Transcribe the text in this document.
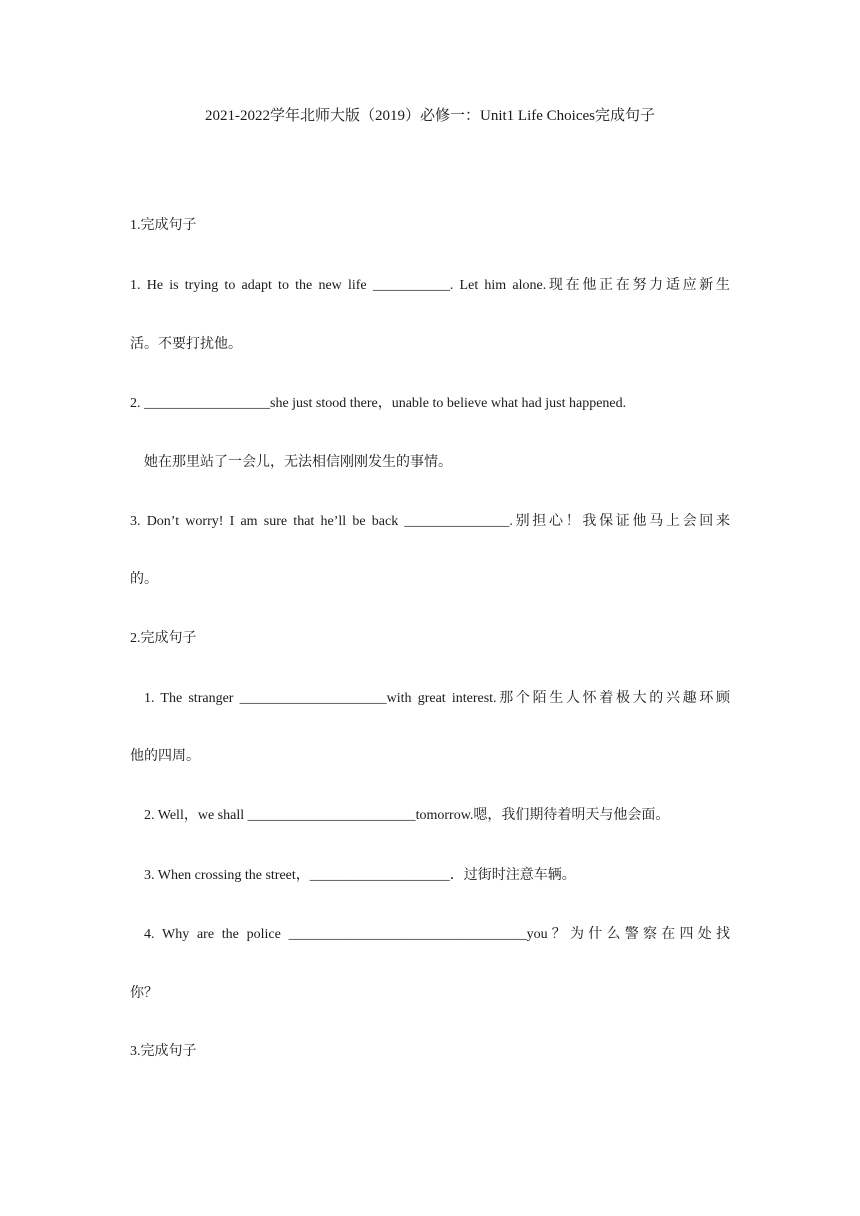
2021-2022学年北师大版（2019）必修一：Unit1 Life Choices完成句子
1.完成句子
1. He is trying to adapt to the new life ___________. Let him alone.现在他正在努力适应新生
活。不要打扰他。
2. __________________she just stood there，unable to believe what had just happened.
她在那里站了一会儿，无法相信刚刚发生的事情。
3. Don’t worry! I am sure that he’ll be back _______________.别担心！我保证他马上会回来
的。
2.完成句子
1. The stranger _____________________with great interest.那个陌生人怀着极大的兴趣环顾
他的四周。
2. Well，we shall ________________________tomorrow.嗯，我们期待着明天与他会面。
3. When crossing the street，____________________．过街时注意车辆。
4. Why are the police __________________________________you？为什么警察在四处找
你？
3.完成句子
